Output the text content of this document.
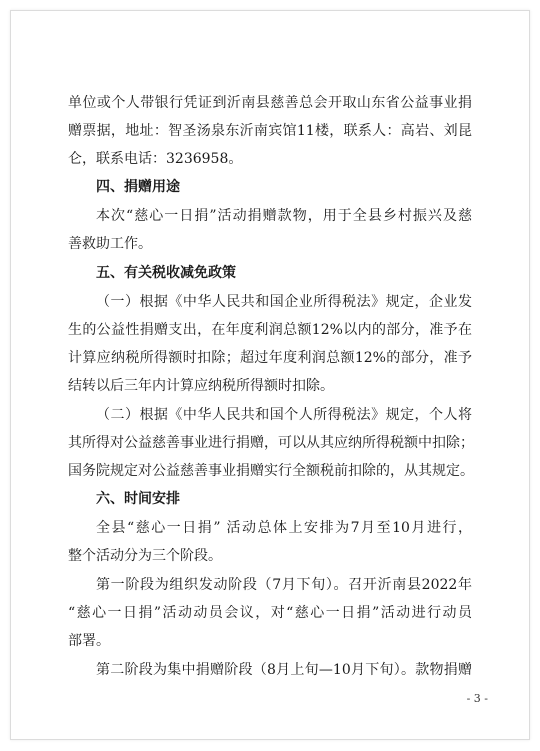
单位或个人带银行凭证到沂南县慈善总会开取山东省公益事业捐
赠票据，地址：智圣汤泉东沂南宾馆11楼，联系人：高岩、刘昆
仑，联系电话：3236958。
四、捐赠用途
本次“慈心一日捐”活动捐赠款物，用于全县乡村振兴及慈
善救助工作。
五、有关税收减免政策
（一）根据《中华人民共和国企业所得税法》规定，企业发
生的公益性捐赠支出，在年度利润总额12%以内的部分，准予在
计算应纳税所得额时扣除；超过年度利润总额12%的部分，准予
结转以后三年内计算应纳税所得额时扣除。
（二）根据《中华人民共和国个人所得税法》规定，个人将
其所得对公益慈善事业进行捐赠，可以从其应纳所得税额中扣除；
国务院规定对公益慈善事业捐赠实行全额税前扣除的，从其规定。
六、时间安排
全县“慈心一日捐” 活动总体上安排为7月至10月进行，
整个活动分为三个阶段。
第一阶段为组织发动阶段（7月下旬）。召开沂南县2022年
“慈心一日捐”活动动员会议，对“慈心一日捐”活动进行动员
部署。
第二阶段为集中捐赠阶段（8月上旬—10月下旬）。款物捐赠
- 3 -
